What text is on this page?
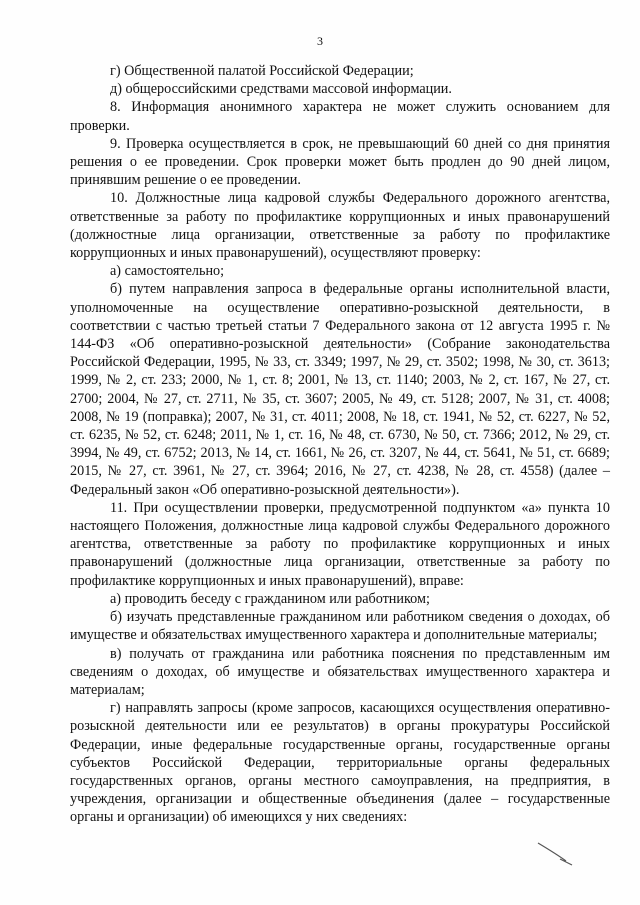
3

г) Общественной палатой Российской Федерации;

д) общероссийскими средствами массовой информации.

8. Информация анонимного характера не может служить основанием для проверки.

9. Проверка осуществляется в срок, не превышающий 60 дней со дня принятия решения о ее проведении. Срок проверки может быть продлен до 90 дней лицом, принявшим решение о ее проведении.

10. Должностные лица кадровой службы Федерального дорожного агентства, ответственные за работу по профилактике коррупционных и иных правонарушений (должностные лица организации, ответственные за работу по профилактике коррупционных и иных правонарушений), осуществляют проверку:

а) самостоятельно;

б) путем направления запроса в федеральные органы исполнительной власти, уполномоченные на осуществление оперативно-розыскной деятельности, в соответствии с частью третьей статьи 7 Федерального закона от 12 августа 1995 г. № 144-ФЗ «Об оперативно-розыскной деятельности» (Собрание законодательства Российской Федерации, 1995, № 33, ст. 3349; 1997, № 29, ст. 3502; 1998, № 30, ст. 3613; 1999, № 2, ст. 233; 2000, № 1, ст. 8; 2001, № 13, ст. 1140; 2003, № 2, ст. 167, № 27, ст. 2700; 2004, № 27, ст. 2711, № 35, ст. 3607; 2005, № 49, ст. 5128; 2007, № 31, ст. 4008; 2008, № 19 (поправка); 2007, № 31, ст. 4011; 2008, № 18, ст. 1941, № 52, ст. 6227, № 52, ст. 6235, № 52, ст. 6248; 2011, № 1, ст. 16, № 48, ст. 6730, № 50, ст. 7366; 2012, № 29, ст. 3994, № 49, ст. 6752; 2013, № 14, ст. 1661, № 26, ст. 3207, № 44, ст. 5641, № 51, ст. 6689; 2015, № 27, ст. 3961, № 27, ст. 3964; 2016, № 27, ст. 4238, № 28, ст. 4558) (далее – Федеральный закон «Об оперативно-розыскной деятельности»).

11. При осуществлении проверки, предусмотренной подпунктом «а» пункта 10 настоящего Положения, должностные лица кадровой службы Федерального дорожного агентства, ответственные за работу по профилактике коррупционных и иных правонарушений (должностные лица организации, ответственные за работу по профилактике коррупционных и иных правонарушений), вправе:

а) проводить беседу с гражданином или работником;

б) изучать представленные гражданином или работником сведения о доходах, об имуществе и обязательствах имущественного характера и дополнительные материалы;

в) получать от гражданина или работника пояснения по представленным им сведениям о доходах, об имуществе и обязательствах имущественного характера и материалам;

г) направлять запросы (кроме запросов, касающихся осуществления оперативно-розыскной деятельности или ее результатов) в органы прокуратуры Российской Федерации, иные федеральные государственные органы, государственные органы субъектов Российской Федерации, территориальные органы федеральных государственных органов, органы местного самоуправления, на предприятия, в учреждения, организации и общественные объединения (далее – государственные органы и организации) об имеющихся у них сведениях:
